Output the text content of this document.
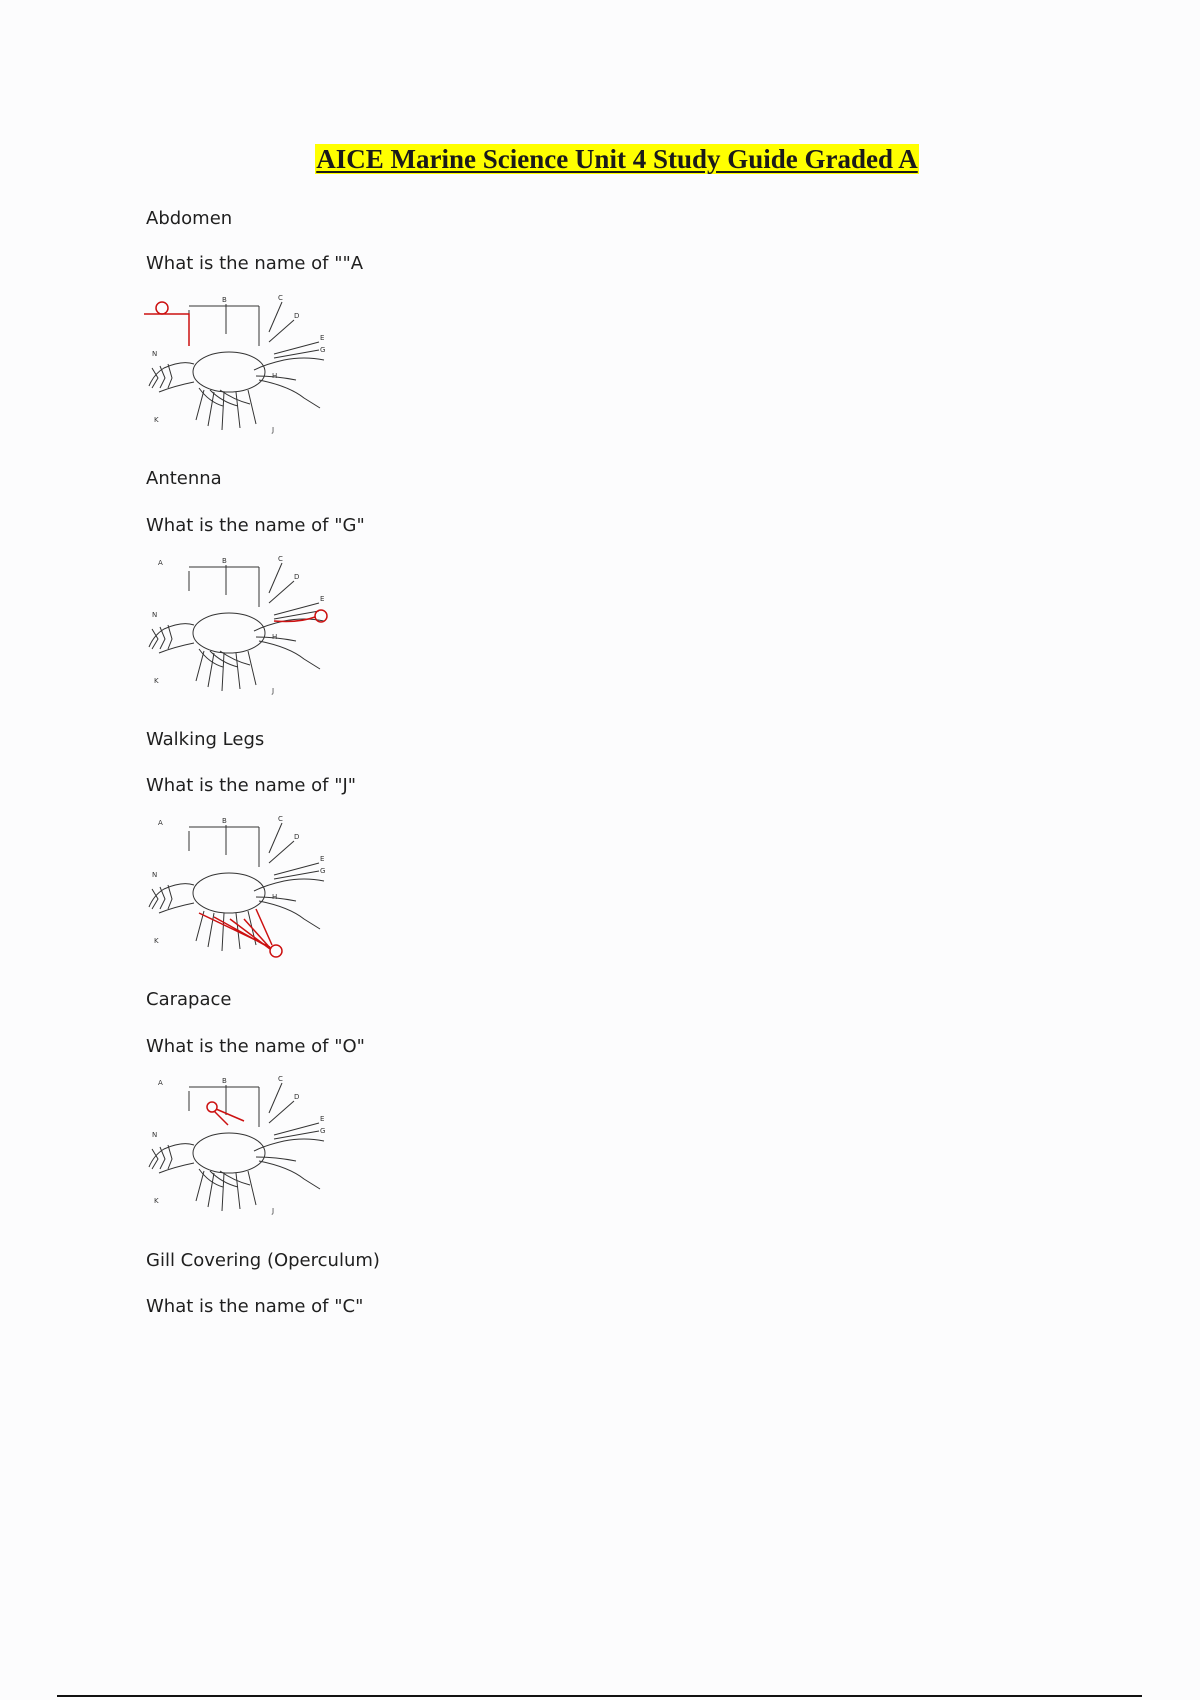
AICE Marine Science Unit 4 Study Guide Graded A
Abdomen
What is the name of ""A
B	C
D
E
G
N
K
J
H
Antenna
What is the name of "G"
A	B	C
D
E
N
K
J
H
Walking Legs
What is the name of "J"
A	B	C
D
E
G
N
K
H
Carapace
What is the name of "O"
A	B	C
D
E
G
N
K
J
Gill Covering (Operculum)
What is the name of "C"
